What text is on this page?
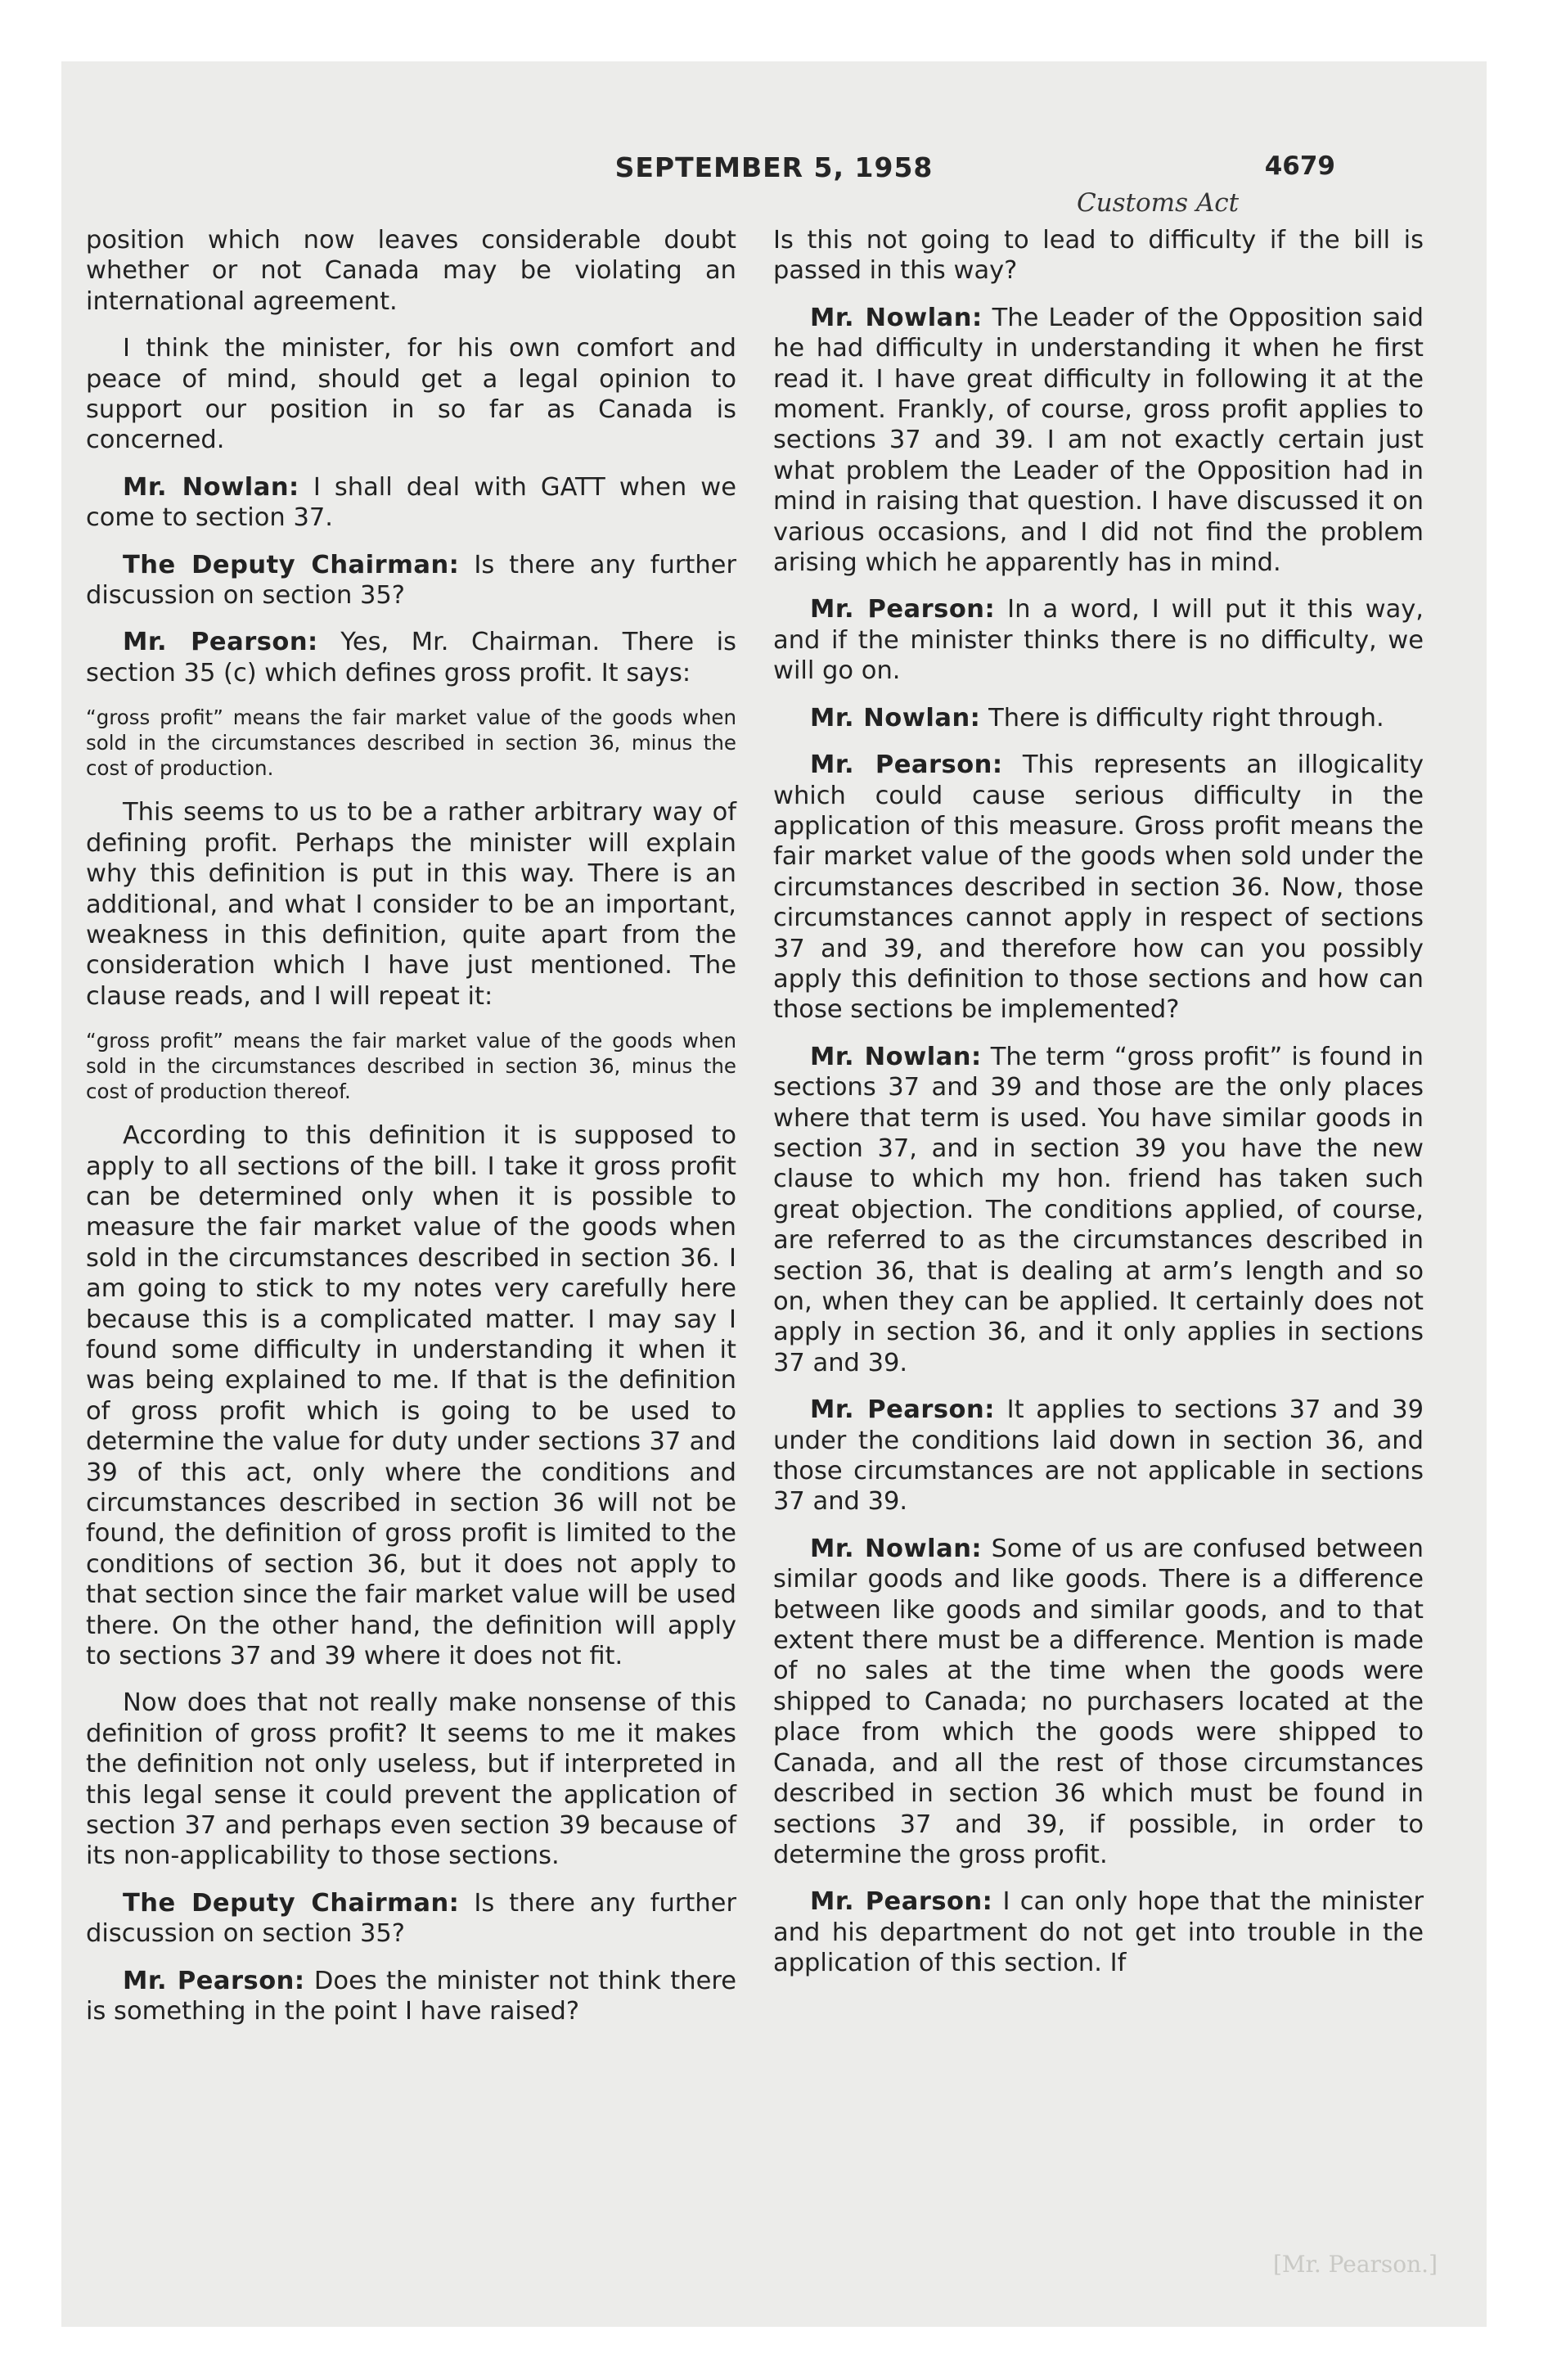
SEPTEMBER 5, 1958	4679
Customs Act

position which now leaves considerable doubt whether or not Canada may be violating an international agreement.

I think the minister, for his own comfort and peace of mind, should get a legal opinion to support our position in so far as Canada is concerned.

Mr. Nowlan: I shall deal with GATT when we come to section 37.

The Deputy Chairman: Is there any further discussion on section 35?

Mr. Pearson: Yes, Mr. Chairman. There is section 35 (c) which defines gross profit. It says:

“gross profit” means the fair market value of the goods when sold in the circumstances described in section 36, minus the cost of production.

This seems to us to be a rather arbitrary way of defining profit. Perhaps the minister will explain why this definition is put in this way. There is an additional, and what I consider to be an important, weakness in this definition, quite apart from the consideration which I have just mentioned. The clause reads, and I will repeat it:

“gross profit” means the fair market value of the goods when sold in the circumstances described in section 36, minus the cost of production thereof.

According to this definition it is supposed to apply to all sections of the bill. I take it gross profit can be determined only when it is possible to measure the fair market value of the goods when sold in the circumstances described in section 36. I am going to stick to my notes very carefully here because this is a complicated matter. I may say I found some difficulty in understanding it when it was being explained to me. If that is the definition of gross profit which is going to be used to determine the value for duty under sections 37 and 39 of this act, only where the conditions and circumstances described in section 36 will not be found, the definition of gross profit is limited to the conditions of section 36, but it does not apply to that section since the fair market value will be used there. On the other hand, the definition will apply to sections 37 and 39 where it does not fit.

Now does that not really make nonsense of this definition of gross profit? It seems to me it makes the definition not only useless, but if interpreted in this legal sense it could prevent the application of section 37 and perhaps even section 39 because of its non-applicability to those sections.

The Deputy Chairman: Is there any further discussion on section 35?

Mr. Pearson: Does the minister not think there is something in the point I have raised?

Is this not going to lead to difficulty if the bill is passed in this way?

Mr. Nowlan: The Leader of the Opposition said he had difficulty in understanding it when he first read it. I have great difficulty in following it at the moment. Frankly, of course, gross profit applies to sections 37 and 39. I am not exactly certain just what problem the Leader of the Opposition had in mind in raising that question. I have discussed it on various occasions, and I did not find the problem arising which he apparently has in mind.

Mr. Pearson: In a word, I will put it this way, and if the minister thinks there is no difficulty, we will go on.

Mr. Nowlan: There is difficulty right through.

Mr. Pearson: This represents an illogicality which could cause serious difficulty in the application of this measure. Gross profit means the fair market value of the goods when sold under the circumstances described in section 36. Now, those circumstances cannot apply in respect of sections 37 and 39, and therefore how can you possibly apply this definition to those sections and how can those sections be implemented?

Mr. Nowlan: The term “gross profit” is found in sections 37 and 39 and those are the only places where that term is used. You have similar goods in section 37, and in section 39 you have the new clause to which my hon. friend has taken such great objection. The conditions applied, of course, are referred to as the circumstances described in section 36, that is dealing at arm’s length and so on, when they can be applied. It certainly does not apply in section 36, and it only applies in sections 37 and 39.

Mr. Pearson: It applies to sections 37 and 39 under the conditions laid down in section 36, and those circumstances are not applicable in sections 37 and 39.

Mr. Nowlan: Some of us are confused between similar goods and like goods. There is a difference between like goods and similar goods, and to that extent there must be a difference. Mention is made of no sales at the time when the goods were shipped to Canada; no purchasers located at the place from which the goods were shipped to Canada, and all the rest of those circumstances described in section 36 which must be found in sections 37 and 39, if possible, in order to determine the gross profit.

Mr. Pearson: I can only hope that the minister and his department do not get into trouble in the application of this section. If

[Mr. Pearson.]
